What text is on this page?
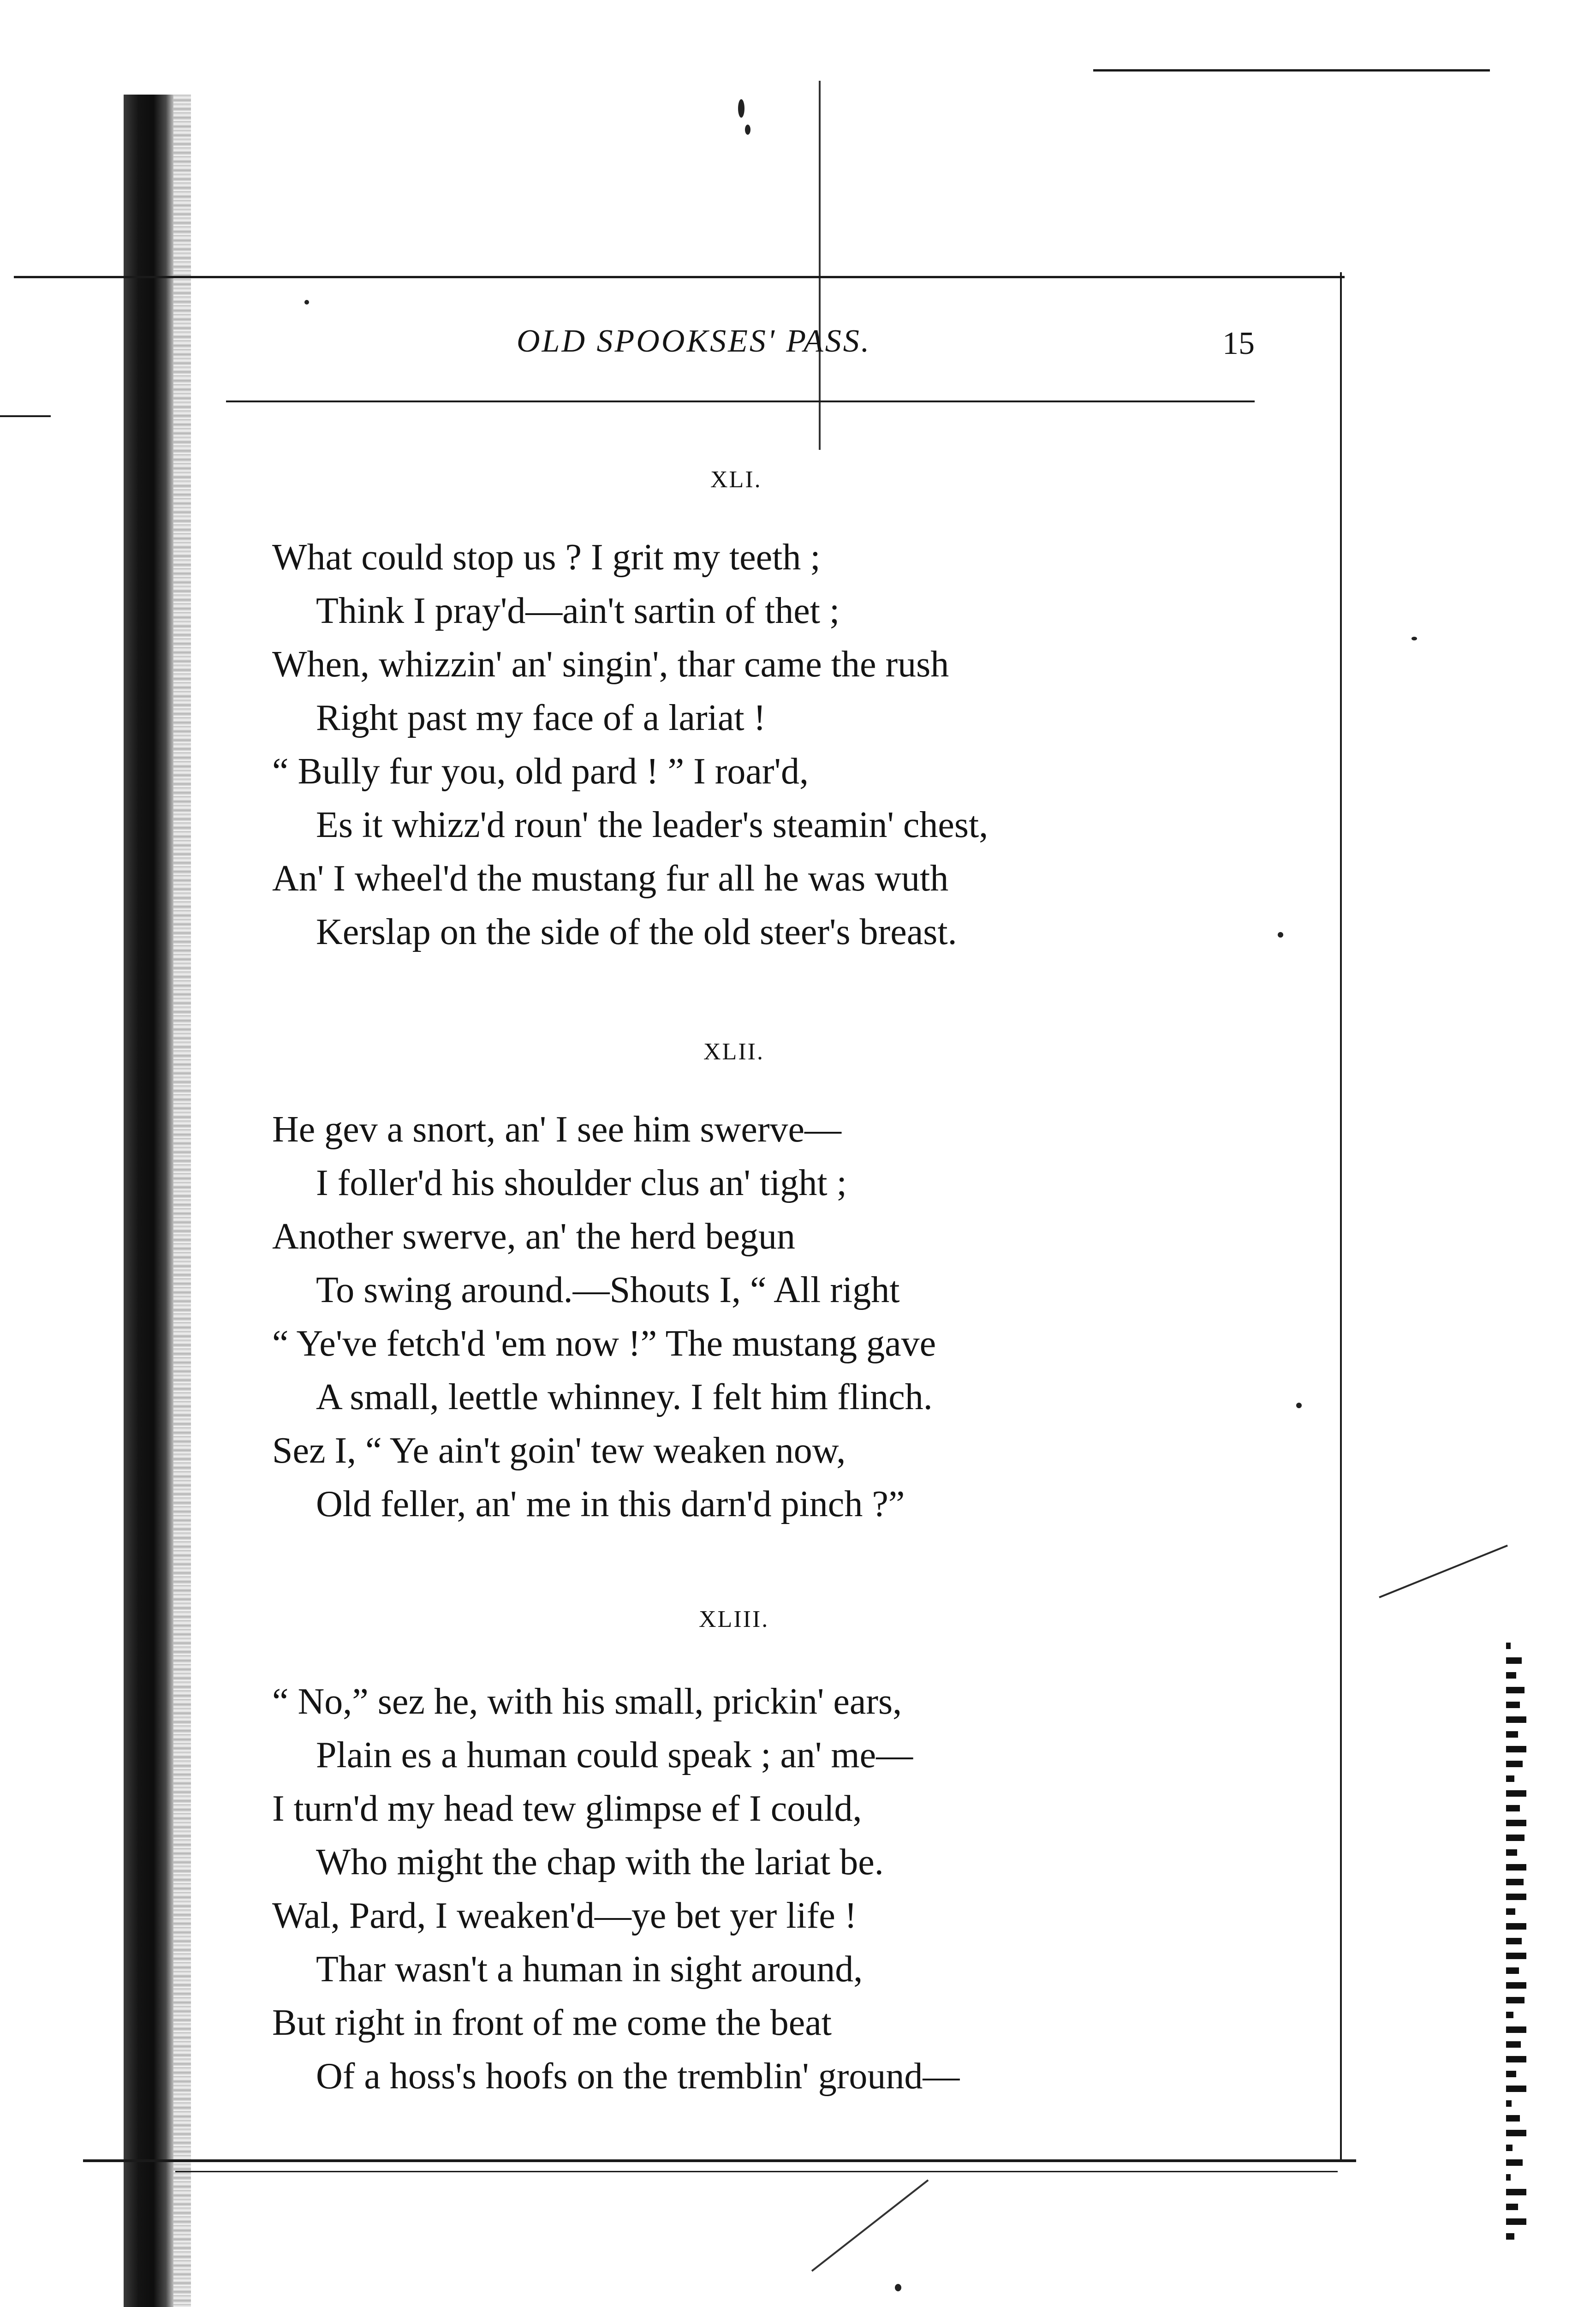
OLD SPOOKSES' PASS.	15
XLI.
What could stop us ? I grit my teeth ;
Think I pray'd—ain't sartin of thet ;
When, whizzin' an' singin', thar came the rush
Right past my face of a lariat !
“ Bully fur you, old pard ! ” I roar'd,
Es it whizz'd roun' the leader's steamin' chest,
An' I wheel'd the mustang fur all he was wuth
Kerslap on the side of the old steer's breast.
XLII.
He gev a snort, an' I see him swerve—
I foller'd his shoulder clus an' tight ;
Another swerve, an' the herd begun
To swing around.—Shouts I, “ All right
“ Ye've fetch'd 'em now !” The mustang gave
A small, leettle whinney. I felt him flinch.
Sez I, “ Ye ain't goin' tew weaken now,
Old feller, an' me in this darn'd pinch ?”
XLIII.
“ No,” sez he, with his small, prickin' ears,
Plain es a human could speak ; an' me—
I turn'd my head tew glimpse ef I could,
Who might the chap with the lariat be.
Wal, Pard, I weaken'd—ye bet yer life !
Thar wasn't a human in sight around,
But right in front of me come the beat
Of a hoss's hoofs on the tremblin' ground—
